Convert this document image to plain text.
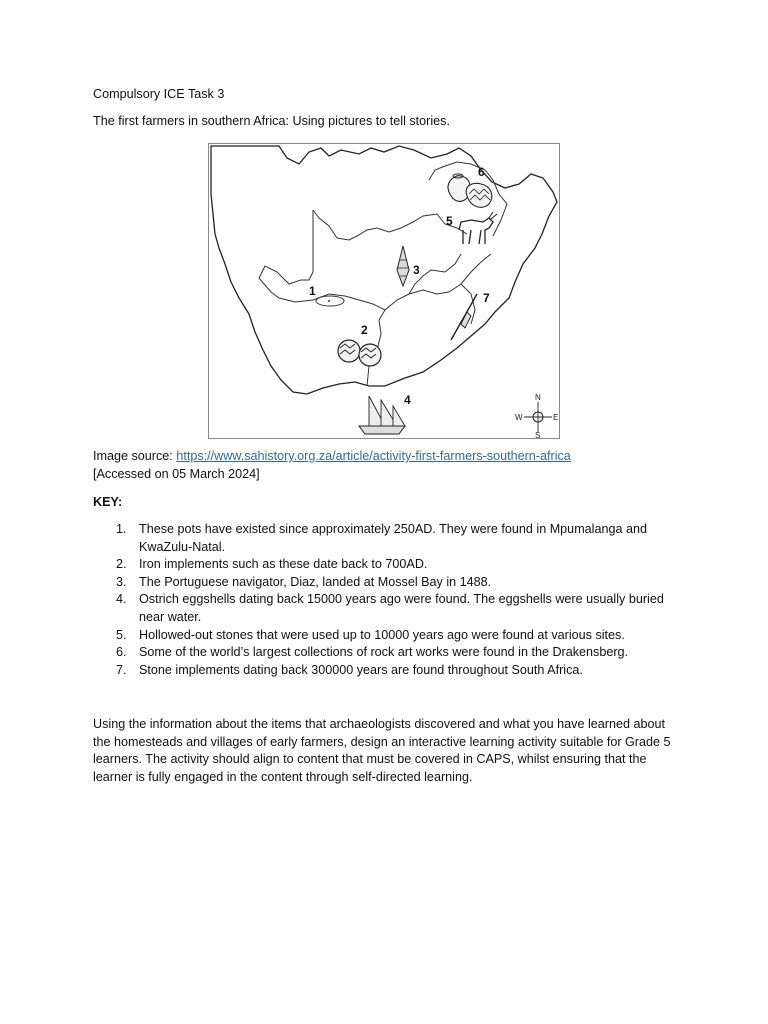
Compulsory ICE Task 3
The first farmers in southern Africa: Using pictures to tell stories.
1
2
3
4
5
6
7
N
S
E
W
Image source: https://www.sahistory.org.za/article/activity-first-farmers-southern-africa
[Accessed on 05 March 2024]
KEY:
1. These pots have existed since approximately 250AD. They were found in Mpumalanga and KwaZulu-Natal.
2. Iron implements such as these date back to 700AD.
3. The Portuguese navigator, Diaz, landed at Mossel Bay in 1488.
4. Ostrich eggshells dating back 15000 years ago were found. The eggshells were usually buried near water.
5. Hollowed-out stones that were used up to 10000 years ago were found at various sites.
6. Some of the world’s largest collections of rock art works were found in the Drakensberg.
7. Stone implements dating back 300000 years are found throughout South Africa.
Using the information about the items that archaeologists discovered and what you have learned about the homesteads and villages of early farmers, design an interactive learning activity suitable for Grade 5 learners. The activity should align to content that must be covered in CAPS, whilst ensuring that the learner is fully engaged in the content through self-directed learning.
